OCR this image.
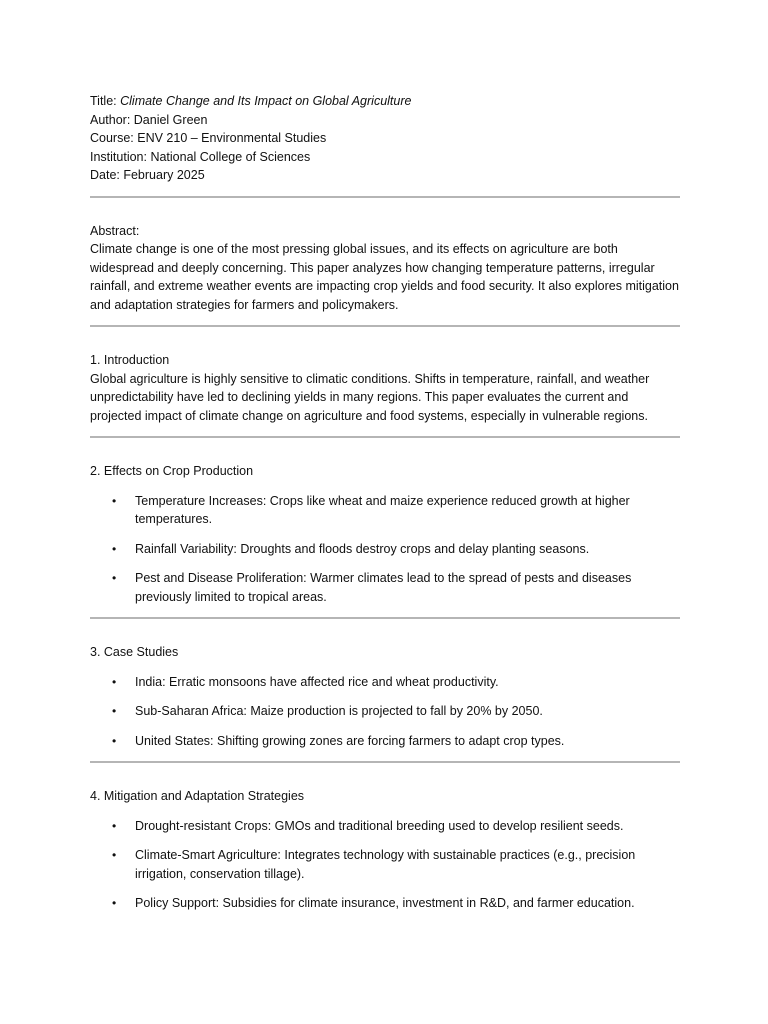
Title: Climate Change and Its Impact on Global Agriculture
Author: Daniel Green
Course: ENV 210 – Environmental Studies
Institution: National College of Sciences
Date: February 2025
Abstract:

Climate change is one of the most pressing global issues, and its effects on agriculture are both widespread and deeply concerning. This paper analyzes how changing temperature patterns, irregular rainfall, and extreme weather events are impacting crop yields and food security. It also explores mitigation and adaptation strategies for farmers and policymakers.

1. Introduction

Global agriculture is highly sensitive to climatic conditions. Shifts in temperature, rainfall, and weather unpredictability have led to declining yields in many regions. This paper evaluates the current and projected impact of climate change on agriculture and food systems, especially in vulnerable regions.

2. Effects on Crop Production
• Temperature Increases: Crops like wheat and maize experience reduced growth at higher temperatures.
• Rainfall Variability: Droughts and floods destroy crops and delay planting seasons.
• Pest and Disease Proliferation: Warmer climates lead to the spread of pests and diseases previously limited to tropical areas.
3. Case Studies
• India: Erratic monsoons have affected rice and wheat productivity.
• Sub-Saharan Africa: Maize production is projected to fall by 20% by 2050.
• United States: Shifting growing zones are forcing farmers to adapt crop types.
4. Mitigation and Adaptation Strategies
• Drought-resistant Crops: GMOs and traditional breeding used to develop resilient seeds.
• Climate-Smart Agriculture: Integrates technology with sustainable practices (e.g., precision irrigation, conservation tillage).
• Policy Support: Subsidies for climate insurance, investment in R&D, and farmer education.
